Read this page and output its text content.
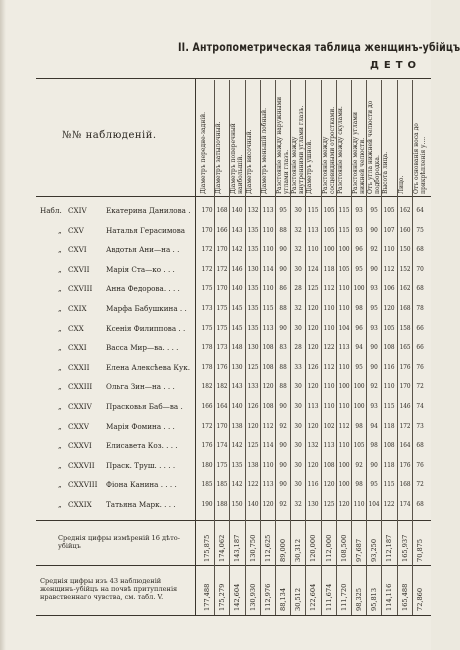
II. Антропометрическая таблица женщинъ-убійцъ
ДЕТО
№№ наблюденій.	Діаметръ передне-задній. Діаметръ затылочный. Діаметръ поперечный наибольшій. Діаметръ височный. Діаметръ меньшій лобный. Разстояніе между наружными углами глазъ. Разстояніе между внутренними углами глазъ. Діаметръ ушной. Разстояніе между сосцевидными отростками. Разстояніе между скулами. Разстояніе между углами нижней челюсти. Отъ угла нижней челюсти до подбородка. Высота лица. Лицо. Отъ основанія носа до прикрѣпленія у....
Набл. CXIV	Екатерина Данилова . 170 168 140 132 113 95	30 115 105 115 93	95 105 162 64
„ CXV	Наталья Герасимова	170 166 143 135 110 88	32 113 105 115 93	90 107 160 75
„ CXVI	Авдотья Ани—на . .	172 170 142 135 110 90	32 110 100 100 96	92 110 150 68
„ CXVII Марія Ста—ко . . .	172 172 146 130 114 90	30 124 118 105 95	90 112 152 70
„ CXVIII Анна Федорова. . . .	175 170 140 135 110 86	28 125 112 110 100 93 106 162 68
„ CXIX	Марфа Бабушкина . . 173 175 145 135 115 88	32 120 110 110 98	95 120 168 78
„ CXX	Ксенія Филиппова . .	175 175 145 135 113 90	30 120 110 104 96	93 105 158 66
„ CXXI	Васса Мир—ва. . . .	178 173 148 130 108 83	28 120 122 113 94	90 108 165 66
„ CXXII Елена Алексѣева Кук. 178 176 130 125 108 88	33 126 112 110 95	90 116 176 76
„ CXXIII Ольга Зин—на . . .	182 182 143 133 120 88	30 120 110 100 100 92 110 170 72
„ CXXIV Прасковья Баб—ва .	166 164 140 126 108 90	30 113 110 110 100 93 115 146 74
„ CXXV Марія Фомина . . .	172 170 138 120 112 92	30 120 102 112 98	94 118 172 73
„ CXXVI Елисавета Коз. . . .	176 174 142 125 114 90	30 132 113 110 105 98 108 164 68
„ CXXVII Праск. Труш. . . . .	180 175 135 138 110 90	30 120 108 100 92	90 118 176 76
„ CXXVIII Фіона Канина . . . .	185 185 142 122 113 90	30 116 120 100 98	95 115 168 72
„ CXXIX Татьяна Марк. . . .	190 188 150 140 120 92	32 130 125 120 110 104 122 174 68
Среднія цифры измѣреній 16 дѣто-убійцъ	175,875 174,062 143,187 130,750 112,625 89,000 30,312 120,000 112,000 108,500 97,687 93,250 112,187 165,937 70,875
Среднія цифры изъ 43 наблюденій женщинъ-убійцъ на почвѣ притупленія нравственнаго чувства, см. табл. V.	177,488 175,279 142,604 130,930 112,976 88,134 30,512 122,604 111,674 111,720 98,325 95,813 114,116 165,488 72,860
